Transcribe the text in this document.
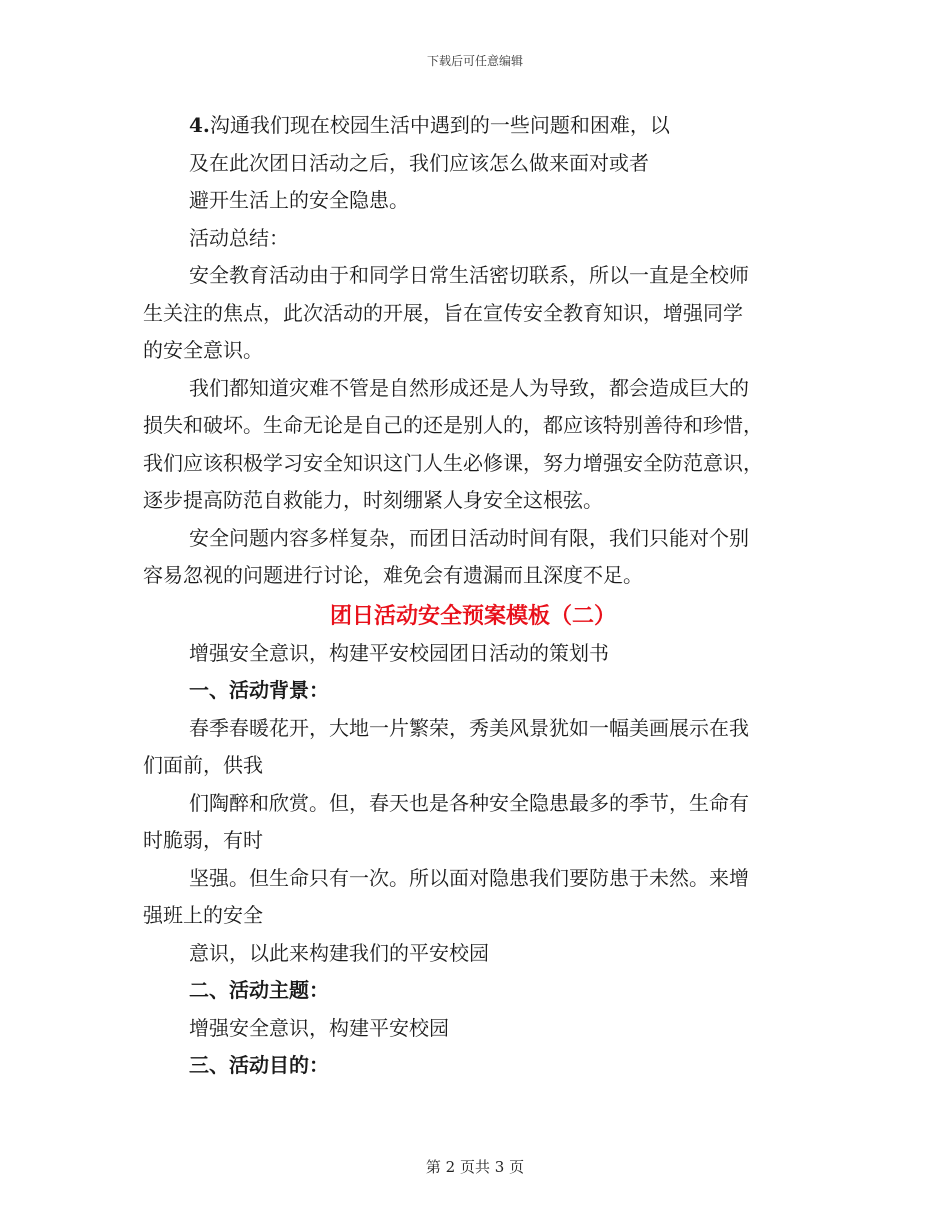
下载后可任意编辑

4.沟通我们现在校园生活中遇到的一些问题和困难，以

及在此次团日活动之后，我们应该怎么做来面对或者

避开生活上的安全隐患。

活动总结：

安全教育活动由于和同学日常生活密切联系，所以一直是全校师

生关注的焦点，此次活动的开展，旨在宣传安全教育知识，增强同学

的安全意识。

我们都知道灾难不管是自然形成还是人为导致，都会造成巨大的

损失和破坏。生命无论是自己的还是别人的，都应该特别善待和珍惜，

我们应该积极学习安全知识这门人生必修课，努力增强安全防范意识，

逐步提高防范自救能力，时刻绷紧人身安全这根弦。

安全问题内容多样复杂，而团日活动时间有限，我们只能对个别

容易忽视的问题进行讨论，难免会有遗漏而且深度不足。

团日活动安全预案模板（二）

增强安全意识，构建平安校园团日活动的策划书

一、活动背景：

春季春暖花开，大地一片繁荣，秀美风景犹如一幅美画展示在我

们面前，供我

们陶醉和欣赏。但，春天也是各种安全隐患最多的季节，生命有

时脆弱，有时

坚强。但生命只有一次。所以面对隐患我们要防患于未然。来增

强班上的安全

意识，以此来构建我们的平安校园

二、活动主题：

增强安全意识，构建平安校园

三、活动目的：

第 2 页共 3 页
